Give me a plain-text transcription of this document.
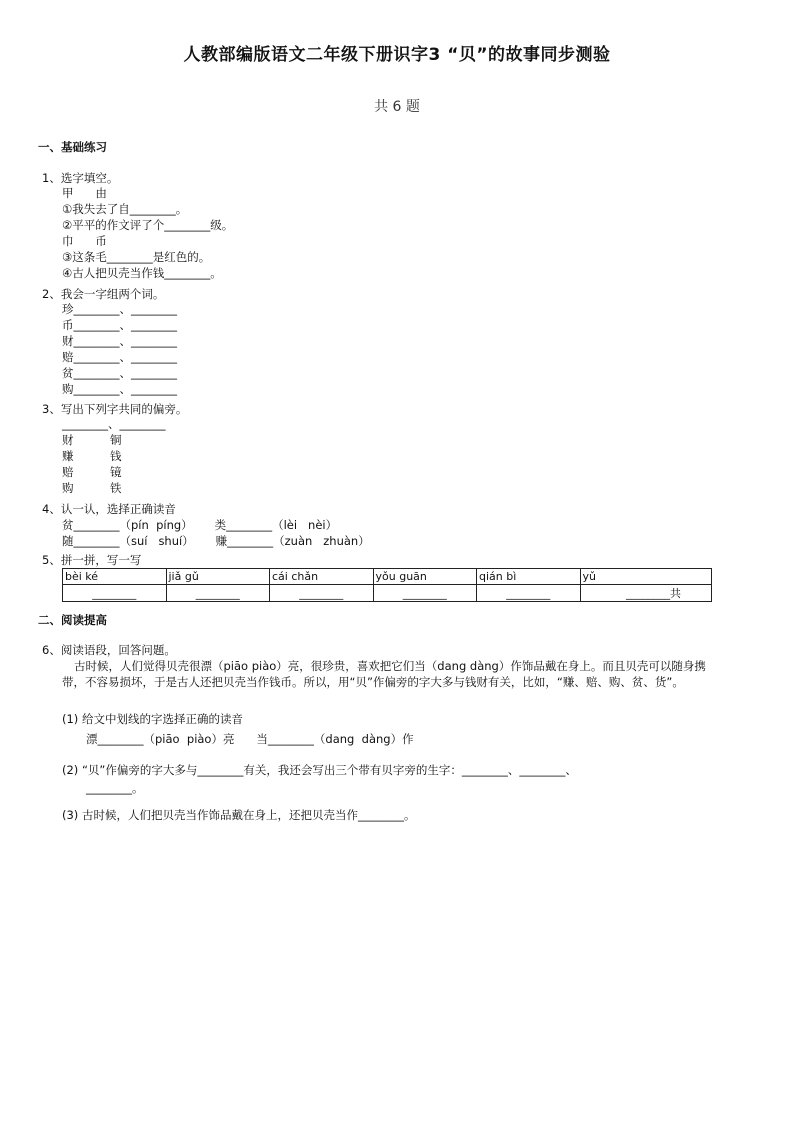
人教部编版语文二年级下册识字3 “贝”的故事同步测验
共 6 题
一、基础练习
1、选字填空。
甲      由
①我失去了自________。
②平平的作文评了个________级。
巾      币
③这条毛________是红色的。
④古人把贝壳当作钱________。
2、我会一字组两个词。
珍________、________
币________、________
财________、________
赔________、________
贫________、________
购________、________
3、写出下列字共同的偏旁。
________、________
财          铜
赚          钱
赔          镜
购          铁
4、认一认，选择正确读音
贫________（pín  píng）      类________（lèi   nèi）
随________（suí   shuí）      赚________（zuàn   zhuàn）
5、拼一拼，写一写
bèi ké	jiǎ gǔ	cái chǎn	yǒu guān	qián bì	yǔ
________	________	________	________	________	________共
二、阅读提高
6、阅读语段，回答问题。
古时候，人们觉得贝壳很漂（piāo piào）亮，很珍贵，喜欢把它们当（dang dàng）作饰品戴在身上。而且贝壳可以随身携带，不容易损坏，于是古人还把贝壳当作钱币。所以，用“贝”作偏旁的字大多与钱财有关，比如，“赚、赔、购、贫、货”。
(1) 给文中划线的字选择正确的读音
漂________（piāo  piào）亮      当________（dang  dàng）作
(2) “贝”作偏旁的字大多与________有关，我还会写出三个带有贝字旁的生字：________、________、
________。
(3) 古时候，人们把贝壳当作饰品戴在身上，还把贝壳当作________。
